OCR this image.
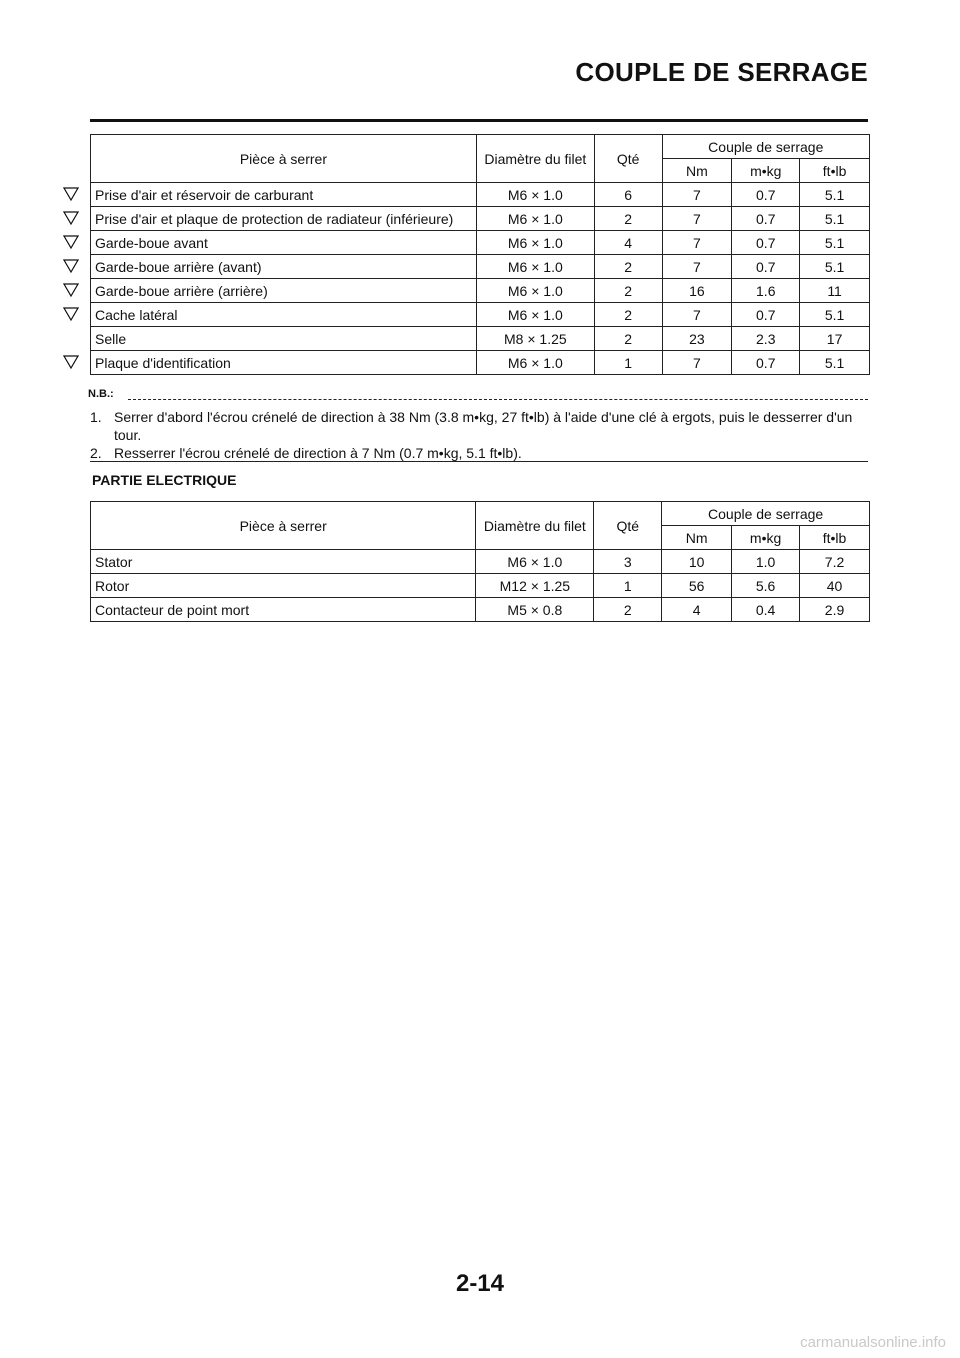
COUPLE DE SERRAGE
Pièce à serrer	Diamètre du filet	Qté	Couple de serrage		
			Nm	m•kg	ft•lb
Prise d'air et réservoir de carburant	M6 × 1.0	6	7	0.7	5.1
Prise d'air et plaque de protection de radiateur (inférieure)	M6 × 1.0	2	7	0.7	5.1
Garde-boue avant	M6 × 1.0	4	7	0.7	5.1
Garde-boue arrière (avant)	M6 × 1.0	2	7	0.7	5.1
Garde-boue arrière (arrière)	M6 × 1.0	2	16	1.6	11
Cache latéral	M6 × 1.0	2	7	0.7	5.1
Selle	M8 × 1.25	2	23	2.3	17
Plaque d'identification	M6 × 1.0	1	7	0.7	5.1
N.B.:
1. Serrer d'abord l'écrou crénelé de direction à 38 Nm (3.8 m•kg, 27 ft•lb) à l'aide d'une clé à ergots, puis le desserrer d'un tour.
2. Resserrer l'écrou crénelé de direction à 7 Nm (0.7 m•kg, 5.1 ft•lb).
PARTIE ELECTRIQUE
Pièce à serrer	Diamètre du filet	Qté	Couple de serrage		
			Nm	m•kg	ft•lb
Stator	M6 × 1.0	3	10	1.0	7.2
Rotor	M12 × 1.25	1	56	5.6	40
Contacteur de point mort	M5 × 0.8	2	4	0.4	2.9
2-14
carmanualsonline.info
